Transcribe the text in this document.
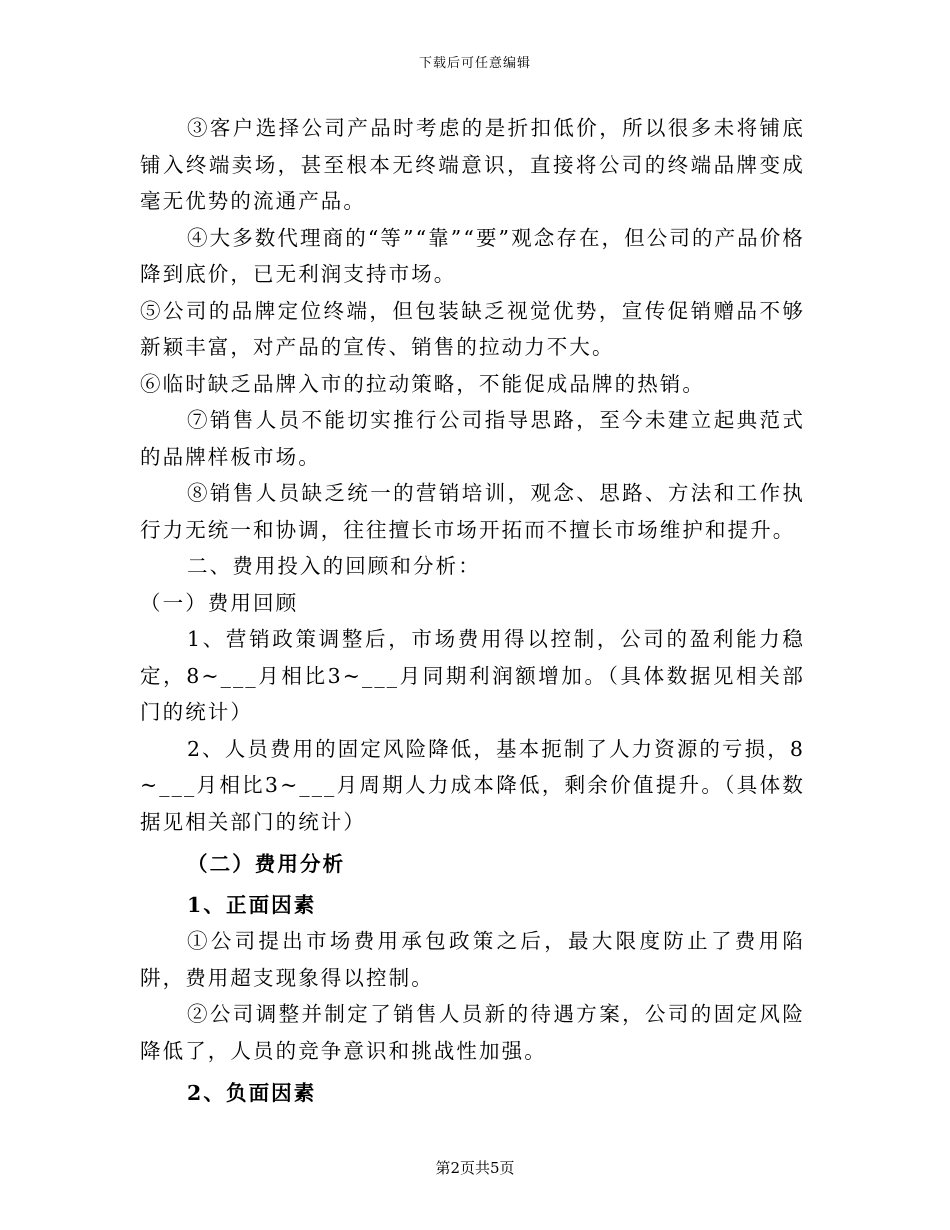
下载后可任意编辑

③客户选择公司产品时考虑的是折扣低价，所以很多未将铺底铺入终端卖场，甚至根本无终端意识，直接将公司的终端品牌变成毫无优势的流通产品。

④大多数代理商的“等”“靠”“要”观念存在，但公司的产品价格降到底价，已无利润支持市场。

⑤公司的品牌定位终端，但包装缺乏视觉优势，宣传促销赠品不够新颖丰富，对产品的宣传、销售的拉动力不大。

⑥临时缺乏品牌入市的拉动策略，不能促成品牌的热销。

⑦销售人员不能切实推行公司指导思路，至今未建立起典范式的品牌样板市场。

⑧销售人员缺乏统一的营销培训，观念、思路、方法和工作执行力无统一和协调，往往擅长市场开拓而不擅长市场维护和提升。

二、费用投入的回顾和分析：

（一）费用回顾

1、营销政策调整后，市场费用得以控制，公司的盈利能力稳定，8~___月相比3~___月同期利润额增加。（具体数据见相关部门的统计）

2、人员费用的固定风险降低，基本扼制了人力资源的亏损，8~___月相比3~___月周期人力成本降低，剩余价值提升。（具体数据见相关部门的统计）

（二）费用分析

1、正面因素

①公司提出市场费用承包政策之后，最大限度防止了费用陷阱，费用超支现象得以控制。

②公司调整并制定了销售人员新的待遇方案，公司的固定风险降低了，人员的竞争意识和挑战性加强。

2、负面因素

第2页共5页
